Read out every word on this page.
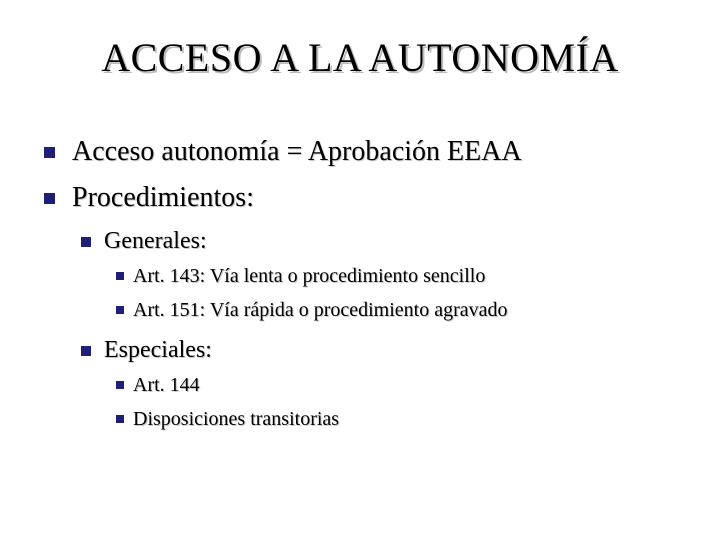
ACCESO A LA AUTONOMÍA
Acceso autonomía = Aprobación EEAA
Procedimientos:
Generales:
Art. 143: Vía lenta o procedimiento sencillo
Art. 151: Vía rápida o procedimiento agravado
Especiales:
Art. 144
Disposiciones transitorias
